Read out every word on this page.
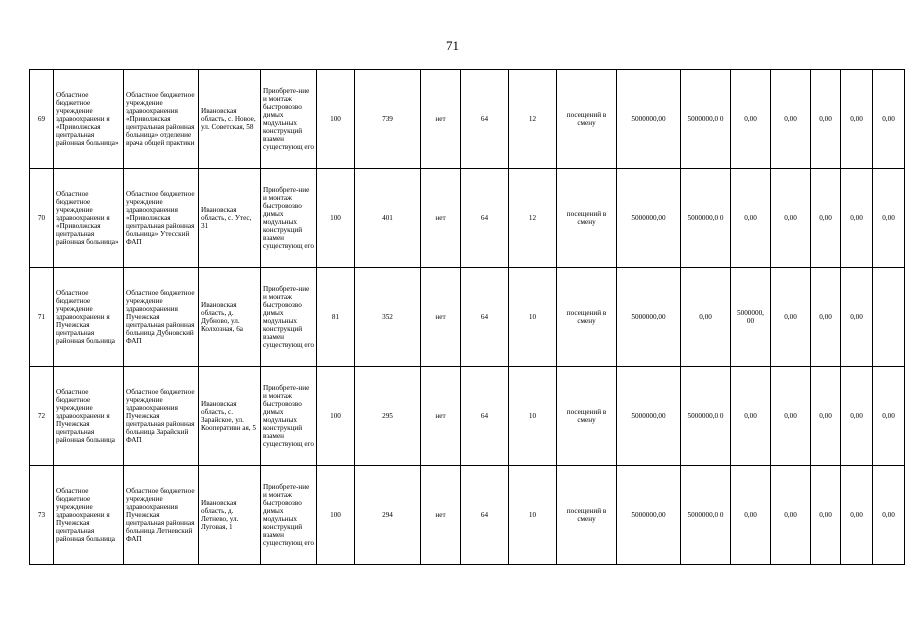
71
69	Областное бюджетное учреждение здравоохранени я «Приволжская центральная районная больница»	Областное бюджетное учреждение здравоохранения «Приволжская центральная районная больница» отделение врача общей практики	Ивановская область, с. Новое, ул. Советская, 58	Приобрете-ние и монтаж быстровозво димых модульных конструкций взамен существующ его	100	739	нет	64	12	посещений в смену	5000000,00	5000000,0 0	0,00	0,00	0,00	0,00	0,00
70	Областное бюджетное учреждение здравоохранени я «Приволжская центральная районная больница»	Областное бюджетное учреждение здравоохранения «Приволжская центральная районная больница» Утесский ФАП	Ивановская область, с. Утес, 31	Приобрете-ние и монтаж быстровозво димых модульных конструкций взамен существующ его	100	401	нет	64	12	посещений в смену	5000000,00	5000000,0 0	0,00	0,00	0,00	0,00	0,00
71	Областное бюджетное учреждение здравоохранени я Пучежская центральная районная больница	Областное бюджетное учреждение здравоохранения Пучежская центральная районная больница Дубновский ФАП	Ивановская область, д. Дубново, ул. Колхозная, 6а	Приобрете-ние и монтаж быстровозво димых модульных конструкций взамен существующ его	81	352	нет	64	10	посещений в смену	5000000,00	0,00	5000000, 00	0,00	0,00	0,00	
72	Областное бюджетное учреждение здравоохранени я Пучежская центральная районная больница	Областное бюджетное учреждение здравоохранения Пучежская центральная районная больница Зарайский ФАП	Ивановская область, с. Зарайское, ул. Кооперативн ая, 5	Приобрете-ние и монтаж быстровозво димых модульных конструкций взамен существующ его	100	295	нет	64	10	посещений в смену	5000000,00	5000000,0 0	0,00	0,00	0,00	0,00	0,00
73	Областное бюджетное учреждение здравоохранени я Пучежская центральная районная больница	Областное бюджетное учреждение здравоохранения Пучежская центральная районная больница Летневский ФАП	Ивановская область, д. Летнево, ул. Луговая, 1	Приобрете-ние и монтаж быстровозво димых модульных конструкций взамен существующ его	100	294	нет	64	10	посещений в смену	5000000,00	5000000,0 0	0,00	0,00	0,00	0,00	0,00
